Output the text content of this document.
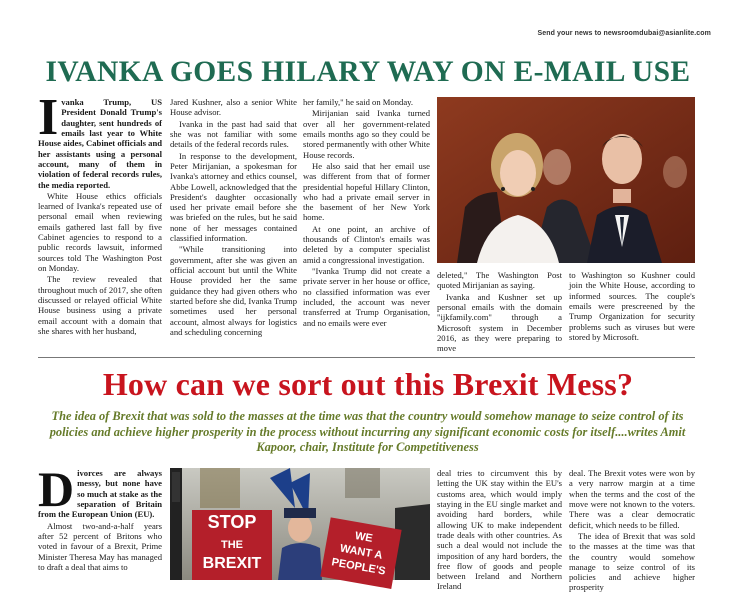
Send your news to newsroomdubai@asianlite.com
IVANKA GOES HILARY WAY ON E-MAIL USE

Ivanka Trump, US President Donald Trump's daughter, sent hundreds of emails last year to White House aides, Cabinet officials and her assistants using a personal account, many of them in violation of federal records rules, the media reported.

White House ethics officials learned of Ivanka's repeated use of personal email when reviewing emails gathered last fall by five Cabinet agencies to respond to a public records lawsuit, informed sources told The Washington Post on Monday.

The review revealed that throughout much of 2017, she often discussed or relayed official White House business using a private email account with a domain that she shares with her husband,

Jared Kushner, also a senior White House advisor.

Ivanka in the past had said that she was not familiar with some details of the federal records rules.

In response to the development, Peter Mirijanian, a spokesman for Ivanka's attorney and ethics counsel, Abbe Lowell, acknowledged that the President's daughter occasionally used her private email before she was briefed on the rules, but he said none of her messages contained classified information.

"While transitioning into government, after she was given an official account but until the White House provided her the same guidance they had given others who started before she did, Ivanka Trump sometimes used her personal account, almost always for logistics and scheduling concerning

her family," he said on Monday.

Mirijanian said Ivanka turned over all her government-related emails months ago so they could be stored permanently with other White House records.

He also said that her email use was different from that of former presidential hopeful Hillary Clinton, who had a private email server in the basement of her New York home.

At one point, an archive of thousands of Clinton's emails was deleted by a computer specialist amid a congressional investigation.

"Ivanka Trump did not create a private server in her house or office, no classified information was ever included, the account was never transferred at Trump Organisation, and no emails were ever

deleted," The Washington Post quoted Mirijanian as saying.

Ivanka and Kushner set up personal emails with the domain "ijkfamily.com" through a Microsoft system in December 2016, as they were preparing to move

to Washington so Kushner could join the White House, according to informed sources. The couple's emails were prescreened by the Trump Organization for security problems such as viruses but were stored by Microsoft.

How can we sort out this Brexit Mess?
The idea of Brexit that was sold to the masses at the time was that the country would somehow manage to seize control of its policies and achieve higher prosperity in the process without incurring any significant economic costs for itself....writes Amit Kapoor, chair, Institute for Competitiveness

Divorces are always messy, but none have so much at stake as the separation of Britain from the European Union (EU).

Almost two-and-a-half years after 52 percent of Britons who voted in favour of a Brexit, Prime Minister Theresa May has managed to draft a deal that aims to

STOP
THE
BREXIT
WE
WANT A
PEOPLE'S

deal tries to circumvent this by letting the UK stay within the EU's customs area, which would imply staying in the EU single market and avoiding hard borders, while allowing UK to make independent trade deals with other countries. As such a deal would not include the imposition of any hard borders, the free flow of goods and people between Ireland and Northern Ireland

deal. The Brexit votes were won by a very narrow margin at a time when the terms and the cost of the move were not known to the voters. There was a clear democratic deficit, which needs to be filled.

The idea of Brexit that was sold to the masses at the time was that the country would somehow manage to seize control of its policies and achieve higher prosperity
